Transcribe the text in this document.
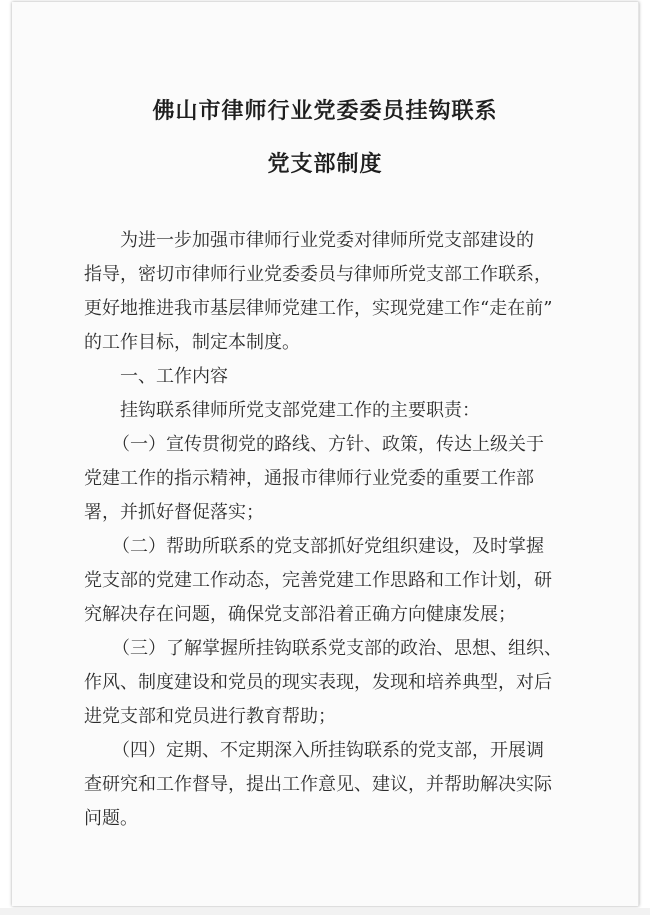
佛山市律师行业党委委员挂钩联系
党支部制度
为进一步加强市律师行业党委对律师所党支部建设的
指导，密切市律师行业党委委员与律师所党支部工作联系，
更好地推进我市基层律师党建工作，实现党建工作“走在前”
的工作目标，制定本制度。
一、工作内容
挂钩联系律师所党支部党建工作的主要职责：
（一）宣传贯彻党的路线、方针、政策，传达上级关于
党建工作的指示精神，通报市律师行业党委的重要工作部
署，并抓好督促落实；
（二）帮助所联系的党支部抓好党组织建设，及时掌握
党支部的党建工作动态，完善党建工作思路和工作计划，研
究解决存在问题，确保党支部沿着正确方向健康发展；
（三）了解掌握所挂钩联系党支部的政治、思想、组织、
作风、制度建设和党员的现实表现，发现和培养典型，对后
进党支部和党员进行教育帮助；
（四）定期、不定期深入所挂钩联系的党支部，开展调
查研究和工作督导，提出工作意见、建议，并帮助解决实际
问题。
